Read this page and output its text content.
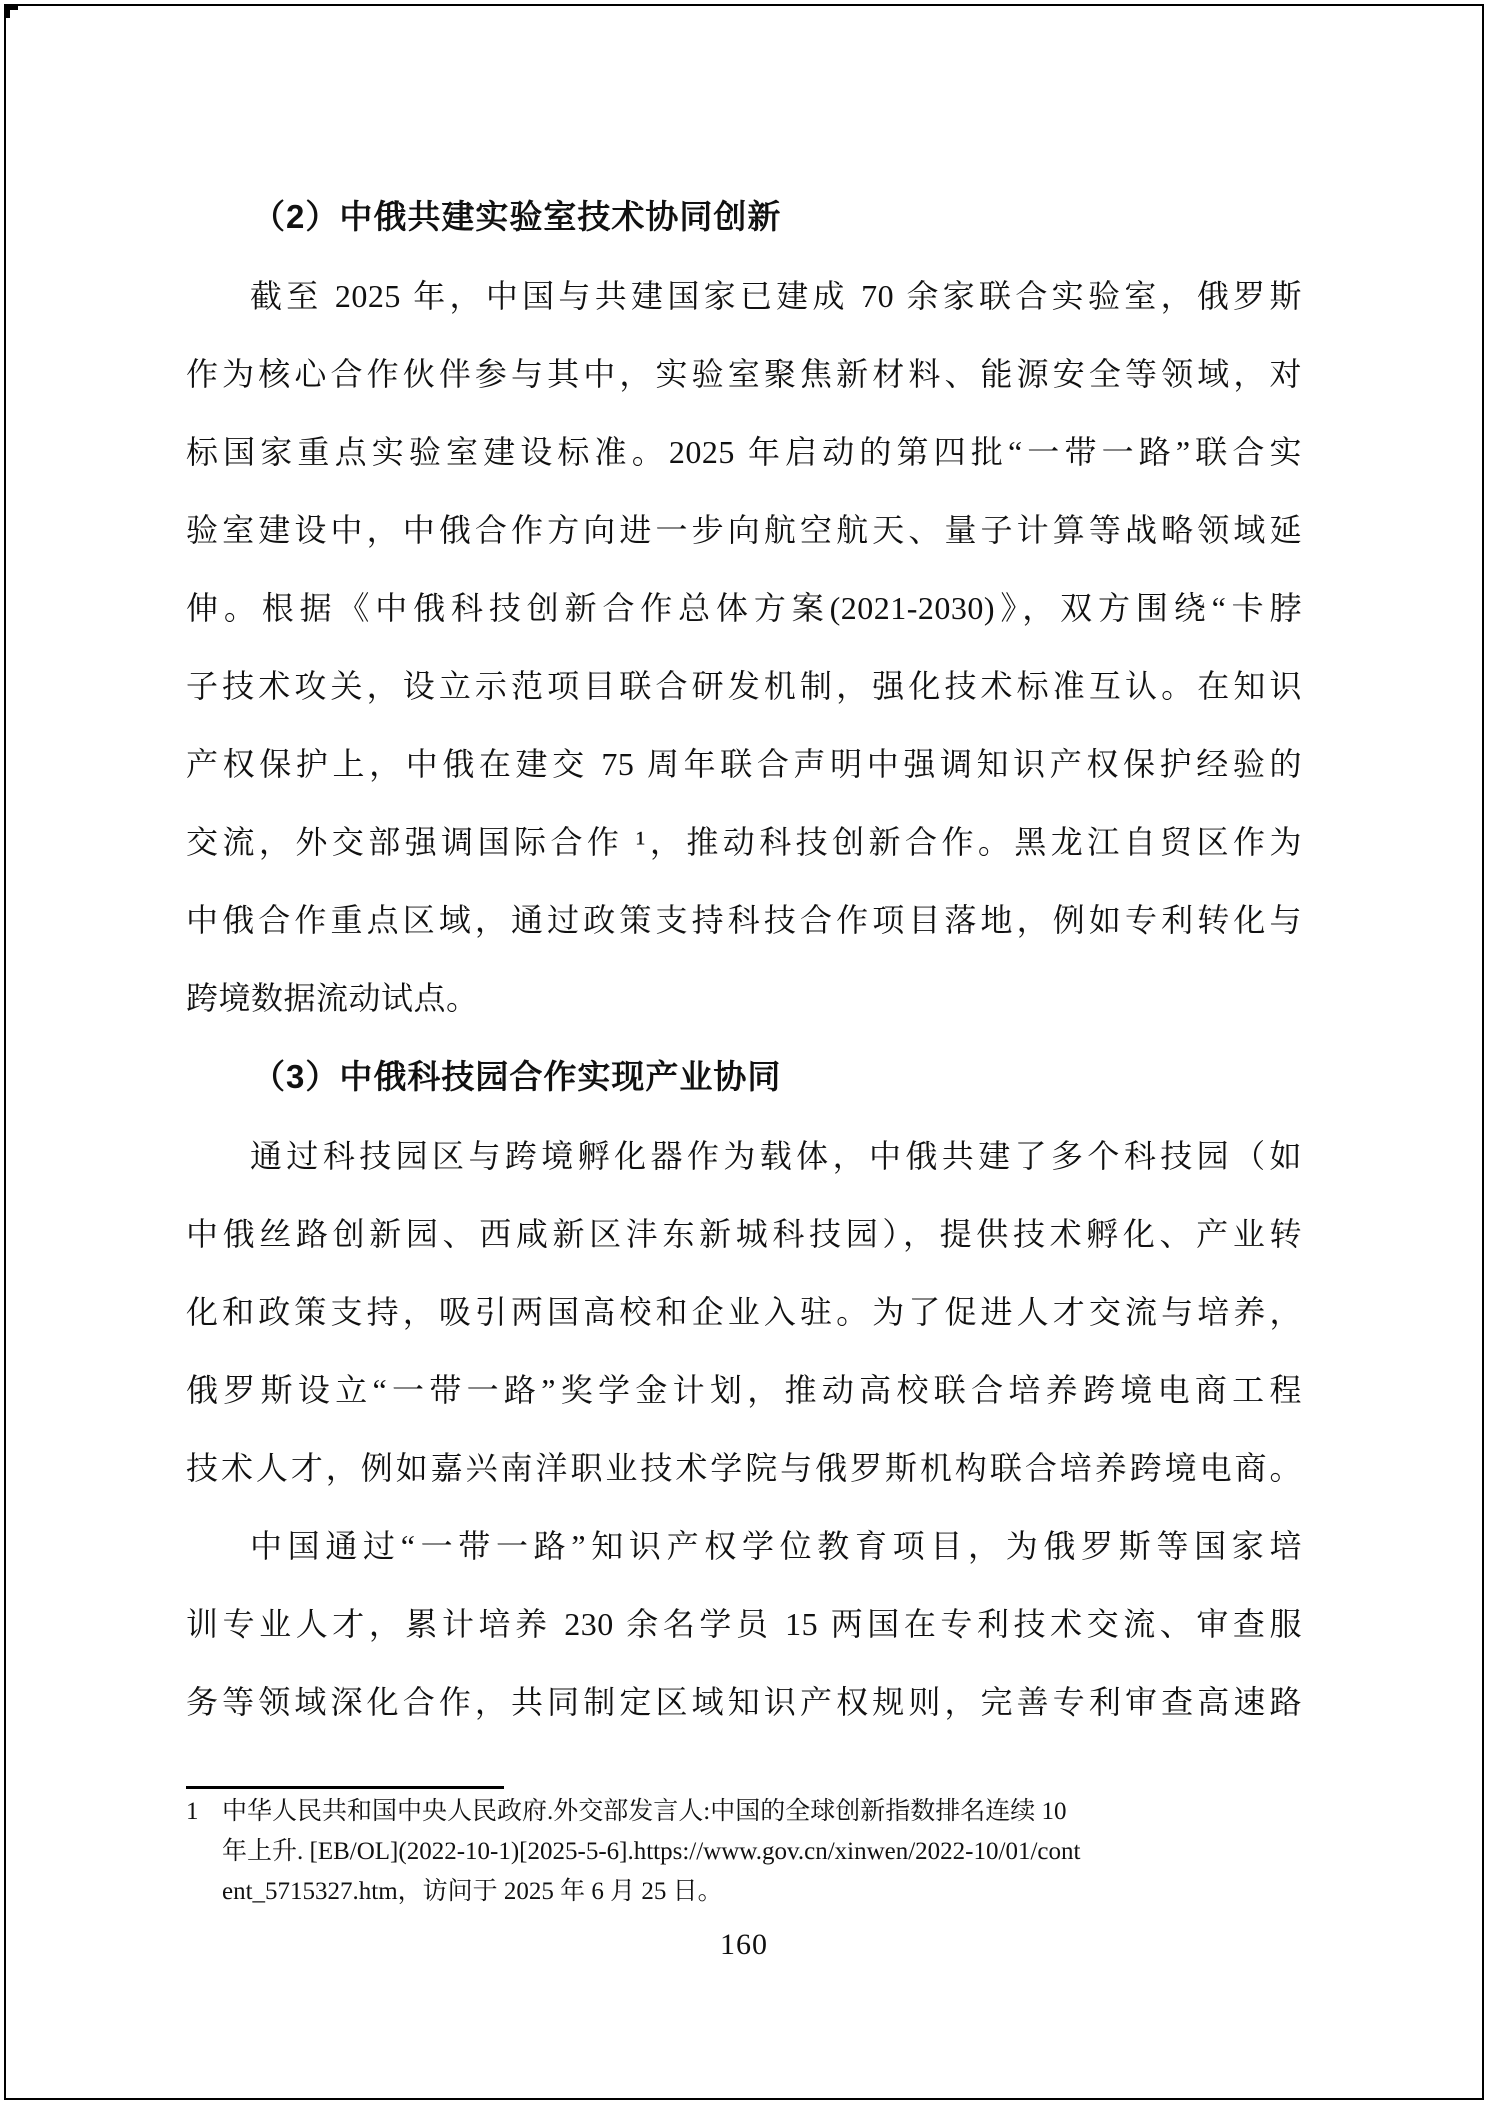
（2）中俄共建实验室技术协同创新
截至 2025 年，中国与共建国家已建成 70 余家联合实验室，俄罗斯
作为核心合作伙伴参与其中，实验室聚焦新材料、能源安全等领域，对
标国家重点实验室建设标准。2025 年启动的第四批“一带一路”联合实
验室建设中，中俄合作方向进一步向航空航天、量子计算等战略领域延
伸。根据《中俄科技创新合作总体方案(2021-2030)》，双方围绕“卡脖
子技术攻关，设立示范项目联合研发机制，强化技术标准互认。在知识
产权保护上，中俄在建交 75 周年联合声明中强调知识产权保护经验的
交流，外交部强调国际合作 ¹，推动科技创新合作。黑龙江自贸区作为
中俄合作重点区域，通过政策支持科技合作项目落地，例如专利转化与
跨境数据流动试点。
（3）中俄科技园合作实现产业协同
通过科技园区与跨境孵化器作为载体，中俄共建了多个科技园（如
中俄丝路创新园、西咸新区沣东新城科技园），提供技术孵化、产业转
化和政策支持，吸引两国高校和企业入驻。为了促进人才交流与培养，
俄罗斯设立“一带一路”奖学金计划，推动高校联合培养跨境电商工程
技术人才，例如嘉兴南洋职业技术学院与俄罗斯机构联合培养跨境电商。
中国通过“一带一路”知识产权学位教育项目，为俄罗斯等国家培
训专业人才，累计培养 230 余名学员 15 两国在专利技术交流、审查服
务等领域深化合作，共同制定区域知识产权规则，完善专利审查高速路
1 中华人民共和国中央人民政府.外交部发言人:中国的全球创新指数排名连续 10
年上升. [EB/OL](2022-10-1)[2025-5-6].https://www.gov.cn/xinwen/2022-10/01/cont
ent_5715327.htm，访问于 2025 年 6 月 25 日。
160
